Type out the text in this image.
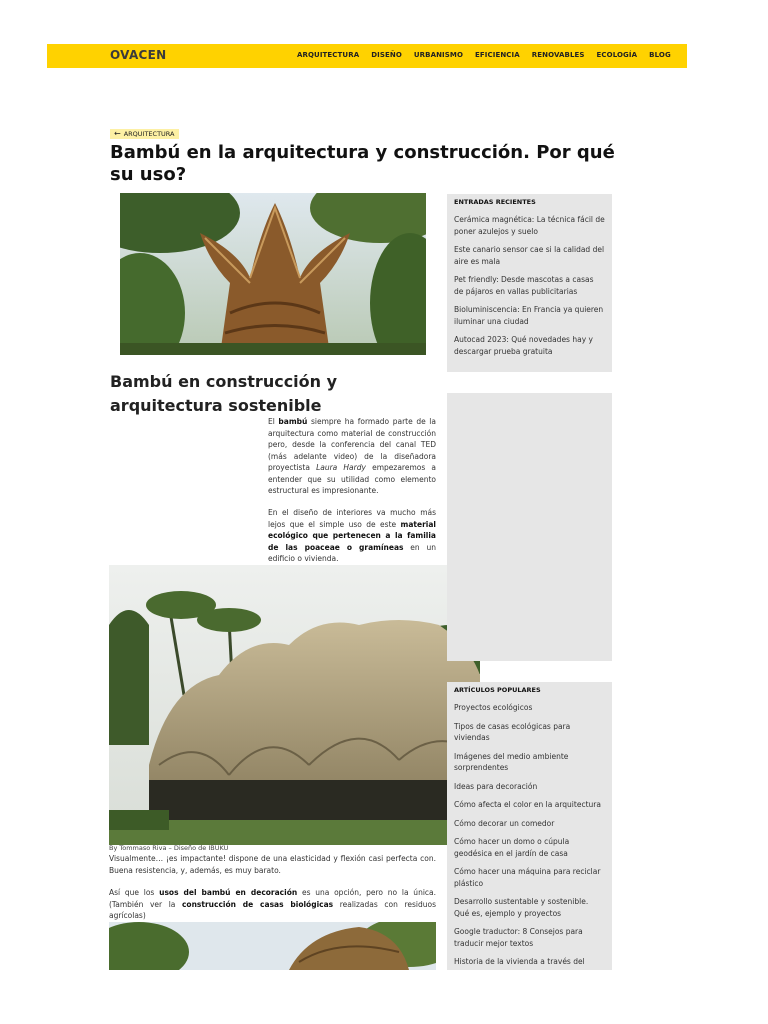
OVACEN	ARQUITECTURA DISEÑO URBANISMO EFICIENCIA RENOVABLES ECOLOGÍA BLOG
← ARQUITECTURA
Bambú en la arquitectura y construcción. Por qué su uso?
Bambú en construcción y arquitectura sostenible

El bambú siempre ha formado parte de la arquitectura como material de construcción pero, desde la conferencia del canal TED (más adelante video) de la diseñadora proyectista Laura Hardy empezaremos a entender que su utilidad como elemento estructural es impresionante.

En el diseño de interiores va mucho más lejos que el simple uso de este material ecológico que pertenecen a la familia de las poaceae o gramíneas en un edificio o vivienda.

By Tommaso Riva – Diseño de IBUKU

Visualmente… ¡es impactante! dispone de una elasticidad y flexión casi perfecta con. Buena resistencia, y, además, es muy barato.

Así que los usos del bambú en decoración es una opción, pero no la única. (También ver la construcción de casas biológicas realizadas con residuos agrícolas)

ENTRADAS RECIENTES
Cerámica magnética: La técnica fácil de poner azulejos y suelo
Este canario sensor cae si la calidad del aire es mala
Pet friendly: Desde mascotas a casas de pájaros en vallas publicitarias
Bioluminiscencia: En Francia ya quieren iluminar una ciudad
Autocad 2023: Qué novedades hay y descargar prueba gratuita
ARTÍCULOS POPULARES
Proyectos ecológicos
Tipos de casas ecológicas para viviendas
Imágenes del medio ambiente sorprendentes
Ideas para decoración
Cómo afecta el color en la arquitectura
Cómo decorar un comedor
Cómo hacer un domo o cúpula geodésica en el jardín de casa
Cómo hacer una máquina para reciclar plástico
Desarrollo sustentable y sostenible. Qué es, ejemplo y proyectos
Google traductor: 8 Consejos para traducir mejor textos
Historia de la vivienda a través del
